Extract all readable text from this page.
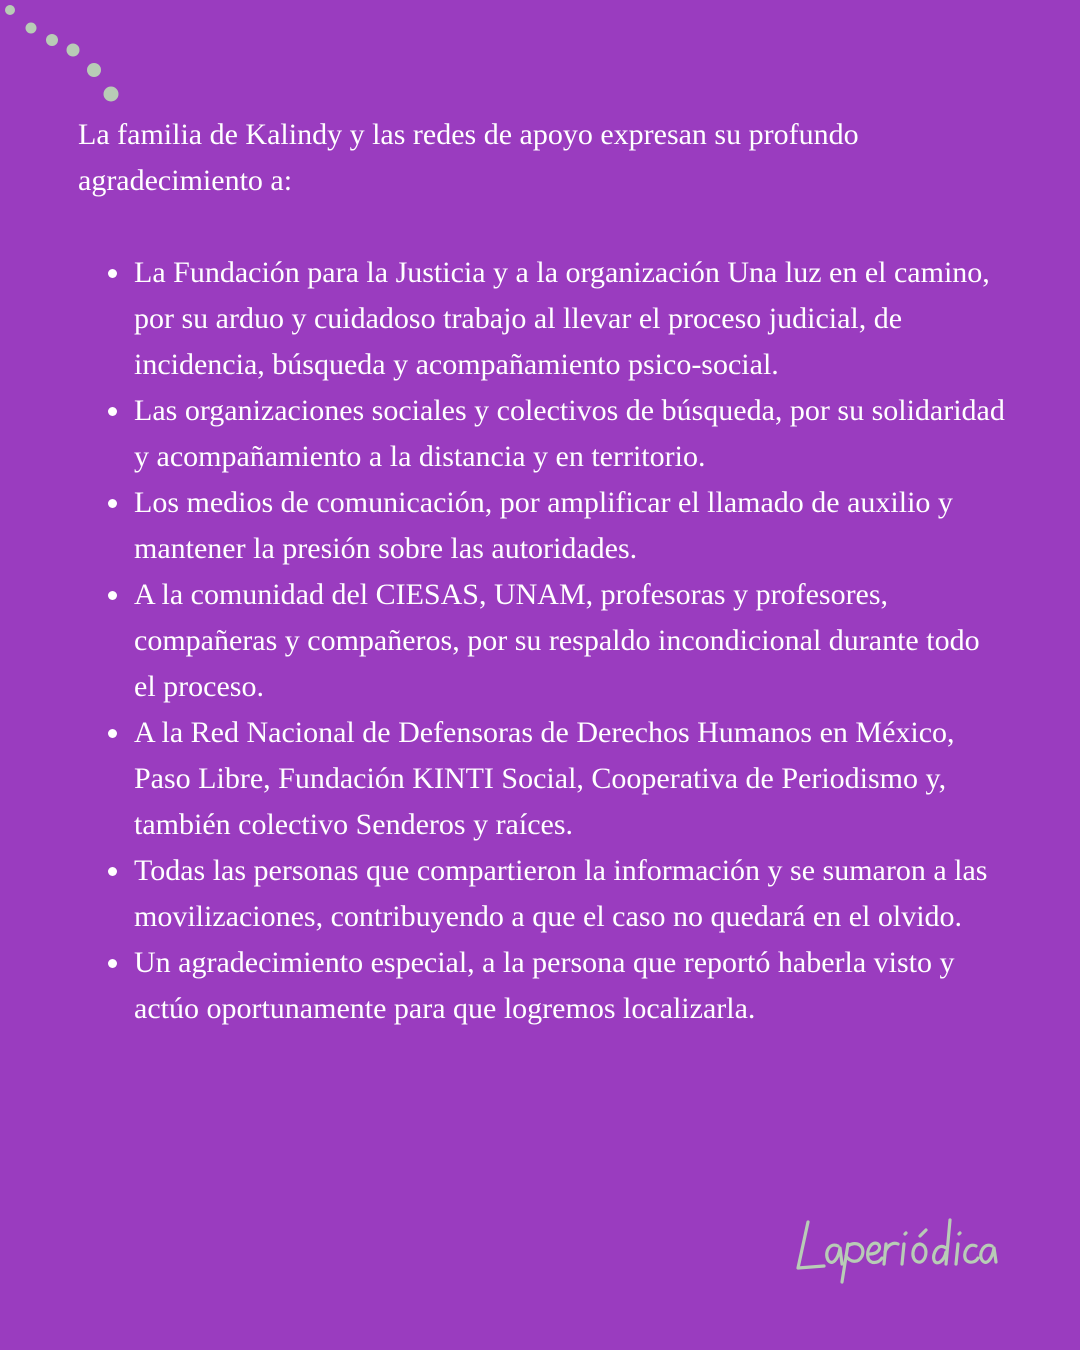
La familia de Kalindy y las redes de apoyo expresan su profundo agradecimiento a:

La Fundación para la Justicia y a la organización Una luz en el camino, por su arduo y cuidadoso trabajo al llevar el proceso judicial, de incidencia, búsqueda y acompañamiento psico-social.
Las organizaciones sociales y colectivos de búsqueda, por su solidaridad y acompañamiento a la distancia y en territorio.
Los medios de comunicación, por amplificar el llamado de auxilio y mantener la presión sobre las autoridades.
A la comunidad del CIESAS, UNAM, profesoras y profesores, compañeras y compañeros, por su respaldo incondicional durante todo el proceso.
A la Red Nacional de Defensoras de Derechos Humanos en México, Paso Libre, Fundación KINTI Social, Cooperativa de Periodismo y, también colectivo Senderos y raíces.
Todas las personas que compartieron la información y se sumaron a las movilizaciones, contribuyendo a que el caso no quedará en el olvido.
Un agradecimiento especial, a la persona que reportó haberla visto y actúo oportunamente para que logremos localizarla.
